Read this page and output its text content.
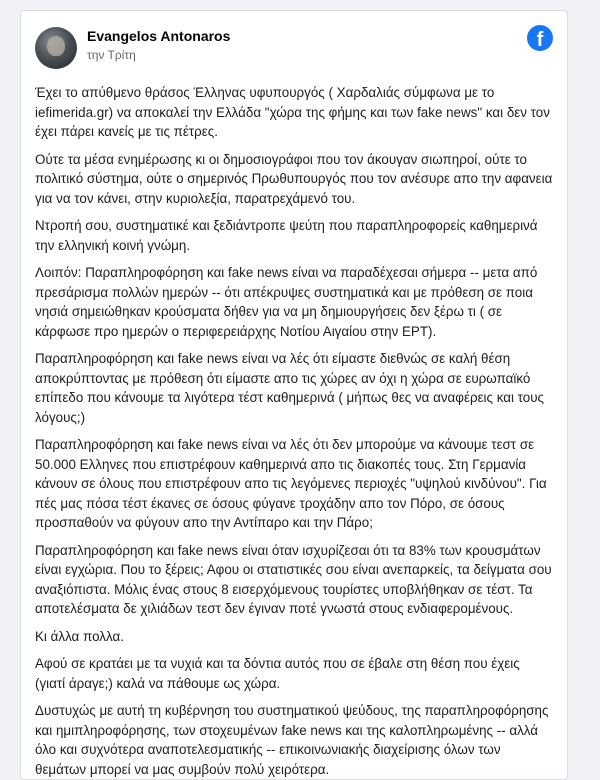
Evangelos Antonaros
την Τρίτη
f

Έχει το απύθμενο θράσος Έλληνας υφυπουργός ( Χαρδαλιάς σύμφωνα με το iefimerida.gr) να αποκαλεί την Ελλάδα "χώρα της φήμης και των fake news" και δεν τον έχει πάρει κανείς με τις πέτρες.

Ούτε τα μέσα ενημέρωσης κι οι δημοσιογράφοι που τον άκουγαν σιωπηροί, ούτε το πολιτικό σύστημα, ούτε ο σημερινός Πρωθυπουργός που τον ανέσυρε απο την αφανεια για να τον κάνει, στην κυριολεξία, παρατρεχάμενό του.

Ντροπή σου, συστηματικέ και ξεδιάντροπε ψεύτη που παραπληροφορείς καθημερινά την ελληνική κοινή γνώμη.

Λοιπόν: Παραπληροφόρηση και fake news είναι να παραδέχεσαι σήμερα -- μετα από πρεσάρισμα πολλών ημερών -- ότι απέκρυψες συστηματικά και με πρόθεση σε ποια νησιά σημειώθηκαν κρούσματα δήθεν για να μη δημιουργήσεις δεν ξέρω τι ( σε κάρφωσε προ ημερών ο περιφερειάρχης Νοτίου Αιγαίου στην ΕΡΤ).

Παραπληροφόρηση και fake news είναι να λές ότι είμαστε διεθνώς σε καλή θέση αποκρύπτοντας με πρόθεση ότι είμαστε απο τις χώρες αν όχι η χώρα σε ευρωπαϊκό επίπεδο που κάνουμε τα λιγότερα τέστ καθημερινά ( μήπως θες να αναφέρεις και τους λόγους;)

Παραπληροφόρηση και fake news είναι να λές ότι δεν μπορούμε να κάνουμε τεστ σε 50.000 Ελληνες που επιστρέφουν καθημερινά απο τις διακοπές τους. Στη Γερμανία κάνουν σε όλους που επιστρέφουν απο τις λεγόμενες περιοχές "υψηλού κινδύνου". Για πές μας πόσα τέστ έκανες σε όσους φύγανε τροχάδην απο τον Πόρο, σε όσους προσπαθούν να φύγουν απο την Αντίπαρο και την Πάρο;

Παραπληροφόρηση και fake news είναι όταν ισχυρίζεσαι ότι τα 83% των κρουσμάτων είναι εγχώρια. Που το ξέρεις; Αφου οι στατιστικές σου είναι ανεπαρκείς, τα δείγματα σου αναξιόπιστα. Μόλις ένας στους 8 εισερχόμενους τουρίστες υποβλήθηκαν σε τέστ. Τα αποτελέσματα δε χιλιάδων τεστ δεν έγιναν ποτέ γνωστά στους ενδιαφερομένους.

Κι άλλα πολλα.

Αφού σε κρατάει με τα νυχιά και τα δόντια αυτός που σε έβαλε στη θέση που έχεις (γιατί άραγε;) καλά να πάθουμε ως χώρα.

Δυστυχώς με αυτή τη κυβέρνηση του συστηματικού ψεύδους, της παραπληροφόρησης και ημιπληροφόρησης, των στοχευμένων fake news και της καλοπληρωμένης -- αλλά όλο και συχνότερα αναποτελεσματικής -- επικοινωνιακής διαχείρισης όλων των θεμάτων μπορεί να μας συμβούν πολύ χειρότερα.
